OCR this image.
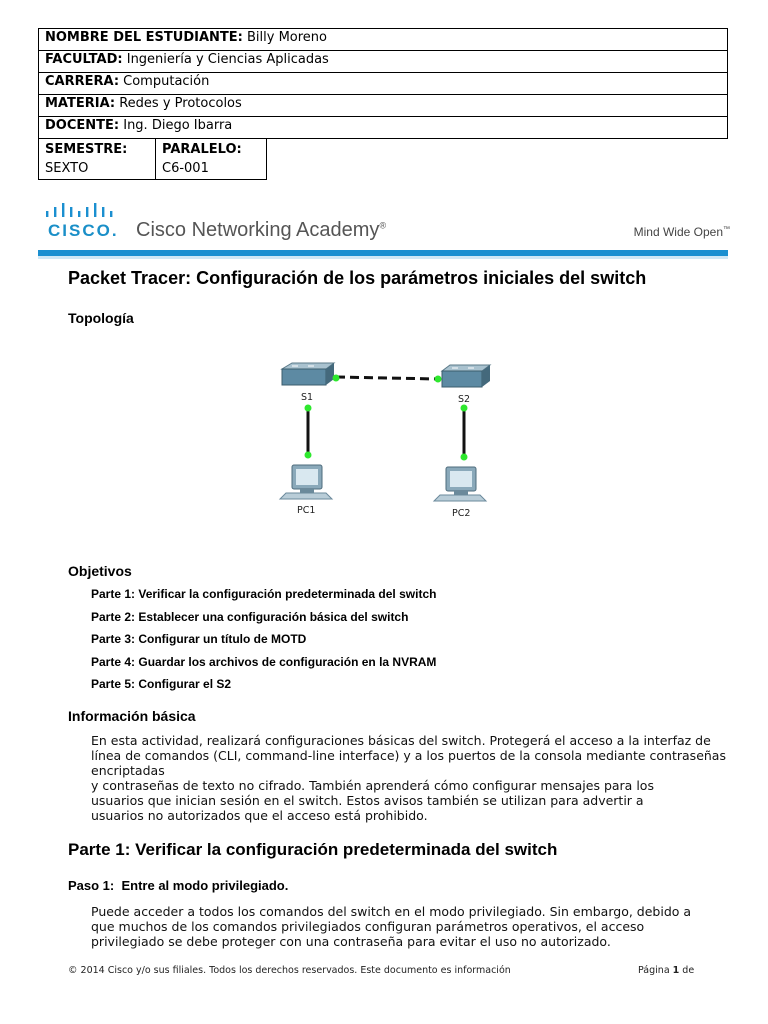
NOMBRE DEL ESTUDIANTE: Billy Moreno
FACULTAD: Ingeniería y Ciencias Aplicadas
CARRERA: Computación
MATERIA: Redes y Protocolos
DOCENTE: Ing. Diego Ibarra
SEMESTRE:
SEXTO

PARALELO:
C6-001
CISCO. Cisco Networking Academy®	Mind Wide Open™
Packet Tracer: Configuración de los parámetros iniciales del switch
Topología
S1	S2
PC1	PC2
Objetivos
Parte 1: Verificar la configuración predeterminada del switch
Parte 2: Establecer una configuración básica del switch
Parte 3: Configurar un título de MOTD
Parte 4: Guardar los archivos de configuración en la NVRAM
Parte 5: Configurar el S2
Información básica
En esta actividad, realizará configuraciones básicas del switch. Protegerá el acceso a la interfaz de
línea de comandos (CLI, command-line interface) y a los puertos de la consola mediante contraseñas
encriptadas
y contraseñas de texto no cifrado. También aprenderá cómo configurar mensajes para los
usuarios que inician sesión en el switch. Estos avisos también se utilizan para advertir a
usuarios no autorizados que el acceso está prohibido.
Parte 1: Verificar la configuración predeterminada del switch
Paso 1: Entre al modo privilegiado.
Puede acceder a todos los comandos del switch en el modo privilegiado. Sin embargo, debido a
que muchos de los comandos privilegiados configuran parámetros operativos, el acceso
privilegiado se debe proteger con una contraseña para evitar el uso no autorizado.
© 2014 Cisco y/o sus filiales. Todos los derechos reservados. Este documento es información	Página 1 de
